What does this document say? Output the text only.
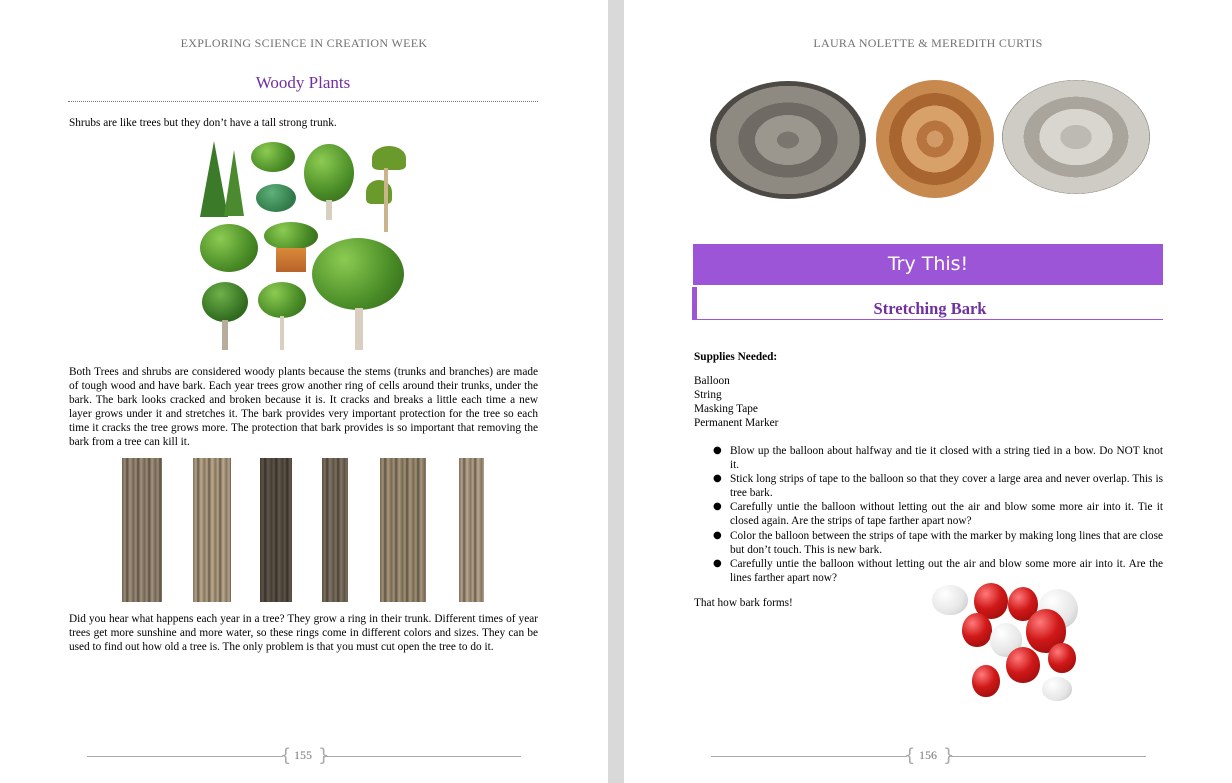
EXPLORING SCIENCE IN CREATION WEEK
Woody Plants
Shrubs are like trees but they don’t have a tall strong trunk.
Both Trees and shrubs are considered woody plants because the stems (trunks and branches) are made of tough wood and have bark. Each year trees grow another ring of cells around their trunks, under the bark. The bark looks cracked and broken because it is. It cracks and breaks a little each time a new layer grows under it and stretches it. The bark provides very important protection for the tree so each time it cracks the tree grows more. The protection that bark provides is so important that removing the bark from a tree can kill it.
Did you hear what happens each year in a tree? They grow a ring in their trunk. Different times of year trees get more sunshine and more water, so these rings come in different colors and sizes. They can be used to find out how old a tree is. The only problem is that you must cut open the tree to do it.
{ }
155
LAURA NOLETTE & MEREDITH CURTIS
Try This!
Stretching Bark
Supplies Needed:
Balloon
String
Masking Tape
Permanent Marker
● Blow up the balloon about halfway and tie it closed with a string tied in a bow. Do NOT knot it.
● Stick long strips of tape to the balloon so that they cover a large area and never overlap. This is tree bark.
● Carefully untie the balloon without letting out the air and blow some more air into it. Tie it closed again. Are the strips of tape farther apart now?
● Color the balloon between the strips of tape with the marker by making long lines that are close but don’t touch. This is new bark.
● Carefully untie the balloon without letting out the air and blow some more air into it. Are the lines farther apart now?
That how bark forms!
{ }
156
